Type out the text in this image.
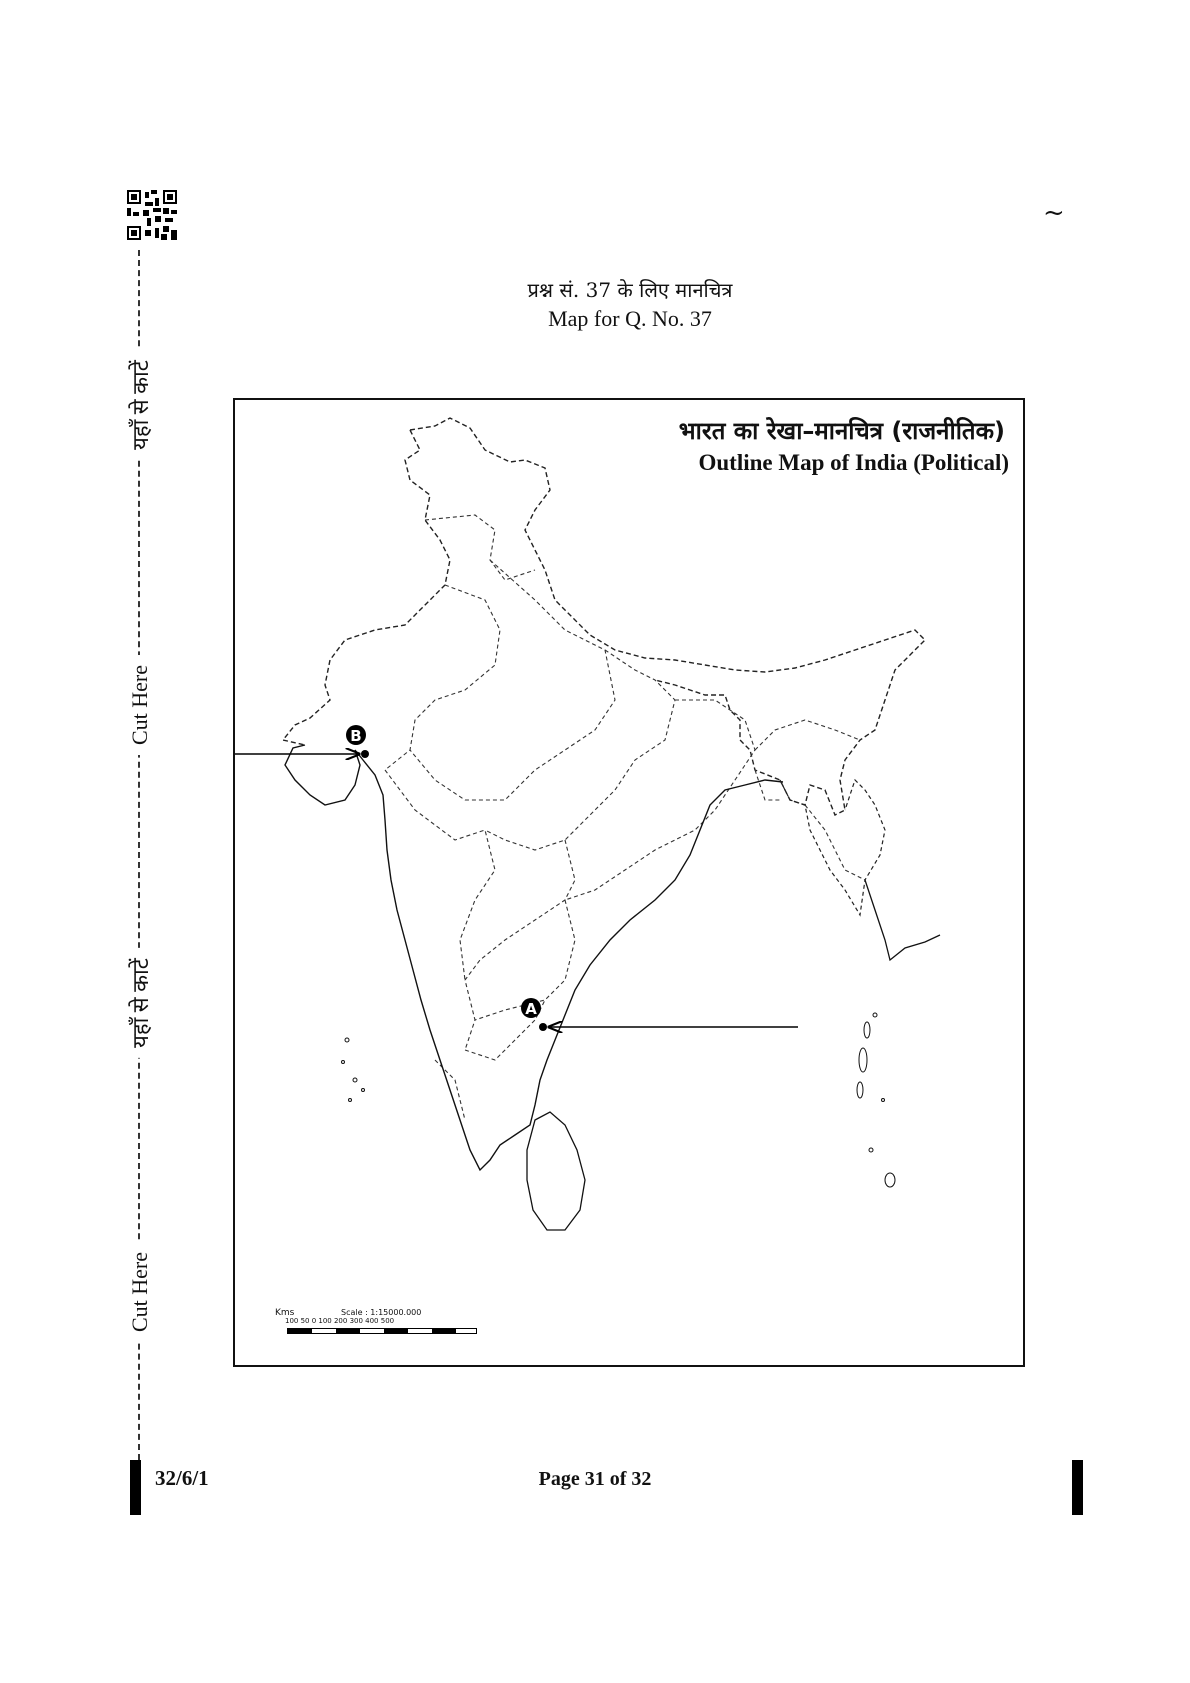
~
यहाँ से काटें
Cut Here
यहाँ से काटें
Cut Here
प्रश्न सं. 37 के लिए मानचित्र
Map for Q. No. 37
भारत का रेखा–मानचित्र (राजनीतिक)
Outline Map of India (Political)
B
A
Kms	Scale : 1:15000.000
100 50 0 100 200 300 400 500
32/6/1	Page 31 of 32
